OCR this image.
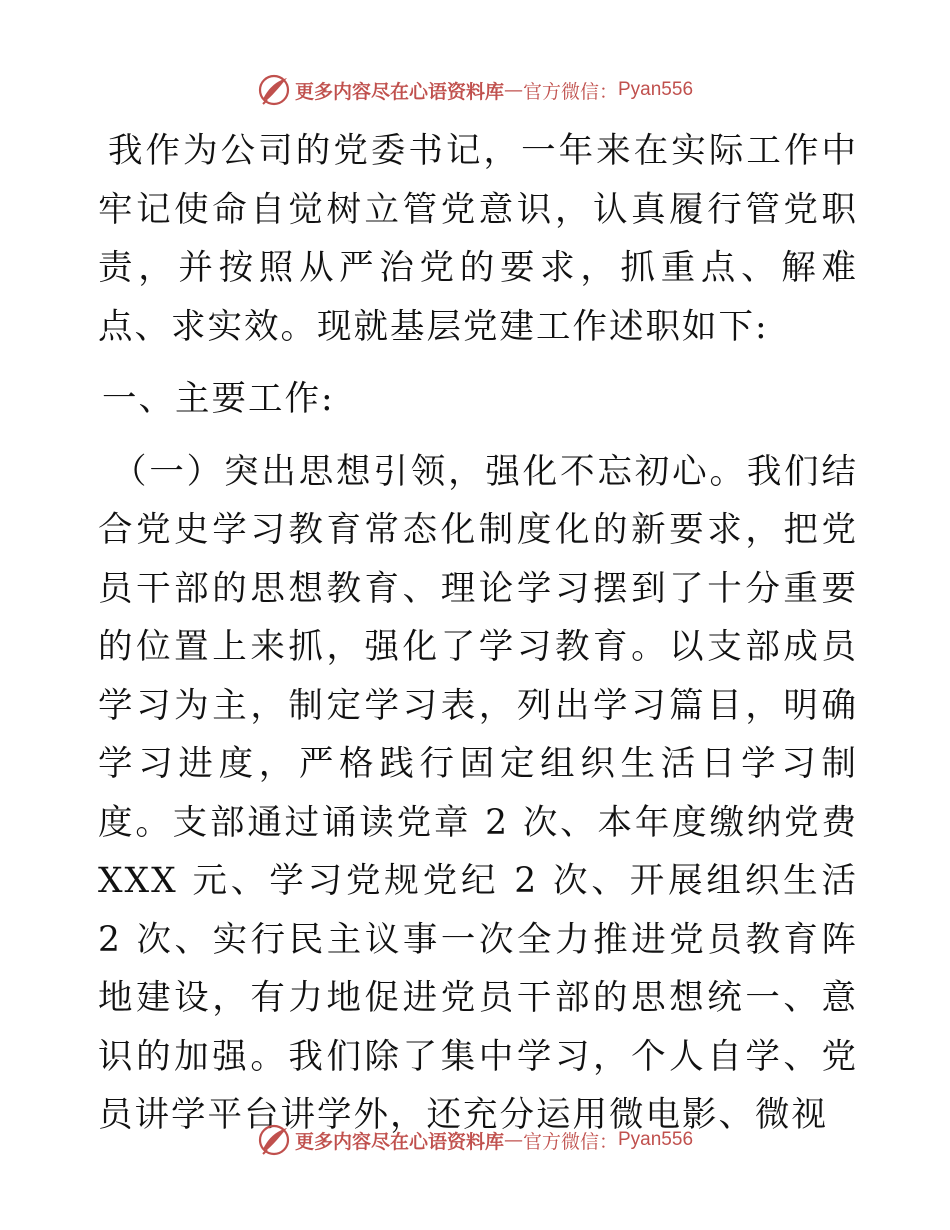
更多内容尽在心语资料库 — 官方微信： Pyan556

我作为公司的党委书记，一年来在实际工作中牢记使命自觉树立管党意识，认真履行管党职责，并按照从严治党的要求，抓重点、解难点、求实效。现就基层党建工作述职如下:

一、主要工作:

（一）突出思想引领，强化不忘初心。我们结合党史学习教育常态化制度化的新要求，把党员干部的思想教育、理论学习摆到了十分重要的位置上来抓，强化了学习教育。以支部成员学习为主，制定学习表，列出学习篇目，明确学习进度，严格践行固定组织生活日学习制度。支部通过诵读党章 2 次、本年度缴纳党费 XXX 元、学习党规党纪 2 次、开展组织生活 2 次、实行民主议事一次全力推进党员教育阵地建设，有力地促进党员干部的思想统一、意识的加强。我们除了集中学习，个人自学、党员讲学平台讲学外，还充分运用微电影、微视

更多内容尽在心语资料库 — 官方微信： Pyan556
